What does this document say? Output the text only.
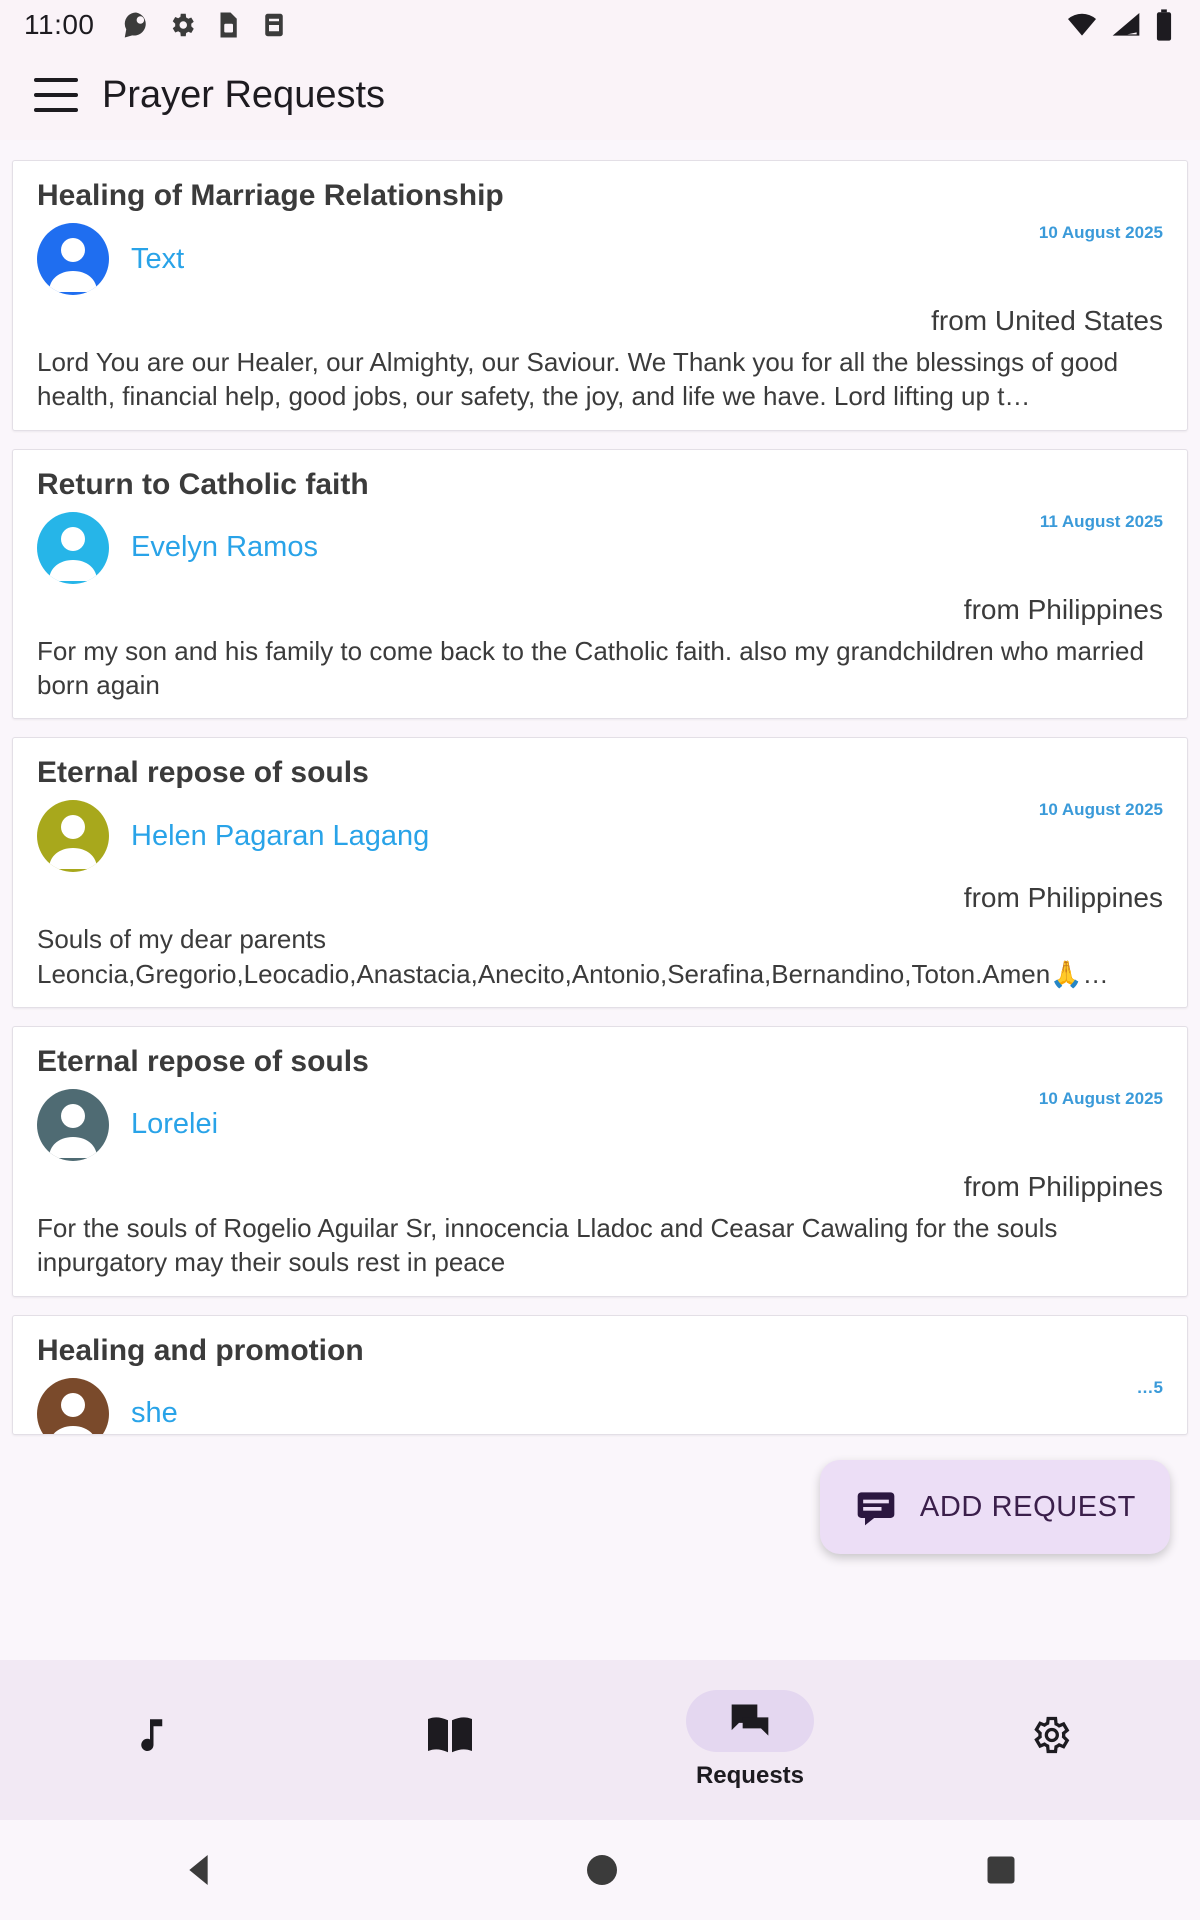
11:00
Prayer Requests
Healing of Marriage Relationship
10 August 2025
Text
from United States
Lord You are our Healer, our Almighty, our Saviour. We Thank you for all the blessings of good health, financial help, good jobs, our safety, the joy, and life we have. Lord lifting up t…
Return to Catholic faith
11 August 2025
Evelyn Ramos
from Philippines
For my son and his family to come back to the Catholic faith. also my grandchildren who married born again
Eternal repose of souls
10 August 2025
Helen Pagaran Lagang
from Philippines
Souls of my dear parents Leoncia,Gregorio,Leocadio,Anastacia,Anecito,Antonio,Serafina,Bernandino,Toton.Amen🙏…
Eternal repose of souls
10 August 2025
Lorelei
from Philippines
For the souls of Rogelio Aguilar Sr, innocencia Lladoc and Ceasar Cawaling for the souls inpurgatory may their souls rest in peace
Healing and promotion
…5
she
ADD REQUEST
Requests
